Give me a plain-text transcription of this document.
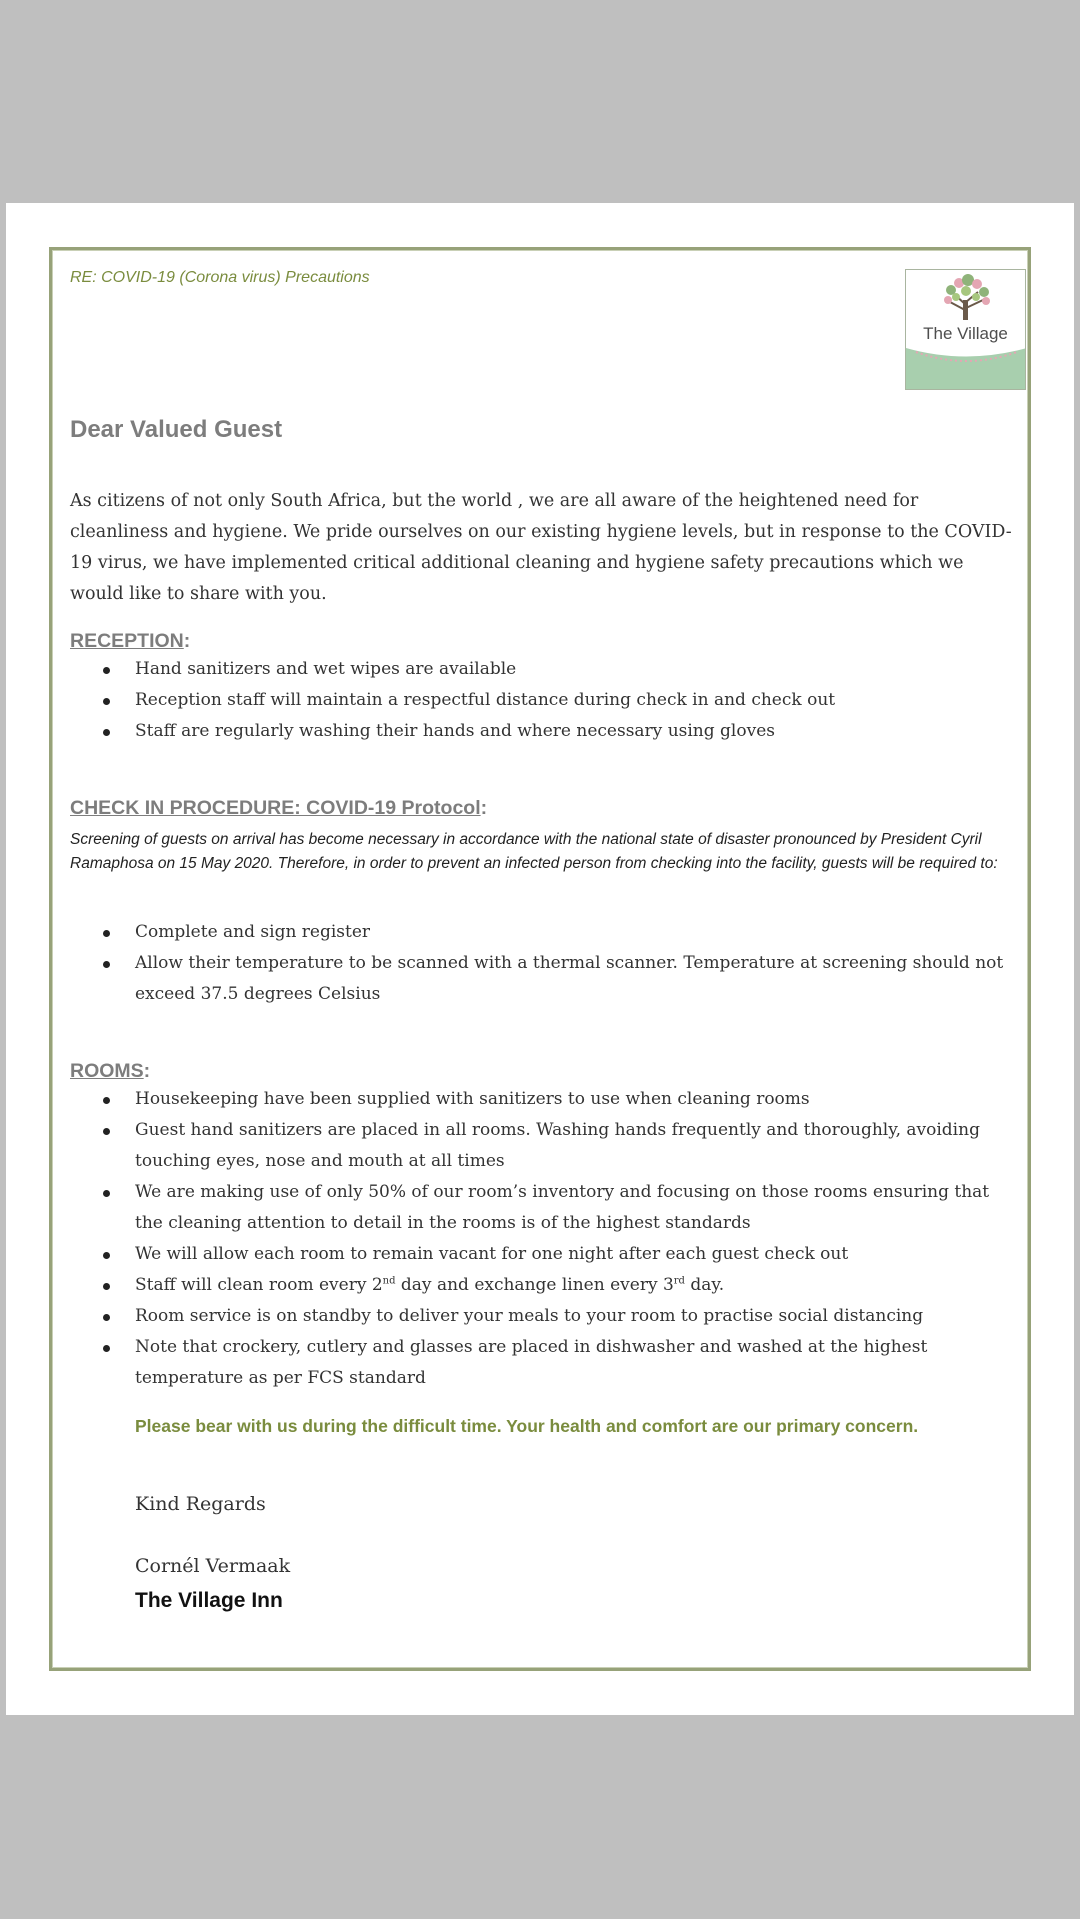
RE: COVID-19 (Corona virus) Precautions
The Village
Dear Valued Guest
As citizens of not only South Africa, but the world , we are all aware of the heightened need for cleanliness and hygiene. We pride ourselves on our existing hygiene levels, but in response to the COVID-19 virus, we have implemented critical additional cleaning and hygiene safety precautions which we would like to share with you.
RECEPTION:
Hand sanitizers and wet wipes are available
Reception staff will maintain a respectful distance during check in and check out
Staff are regularly washing their hands and where necessary using gloves
CHECK IN PROCEDURE: COVID-19 Protocol:
Screening of guests on arrival has become necessary in accordance with the national state of disaster pronounced by President Cyril Ramaphosa on 15 May 2020. Therefore, in order to prevent an infected person from checking into the facility, guests will be required to:
Complete and sign register
Allow their temperature to be scanned with a thermal scanner. Temperature at screening should not exceed 37.5 degrees Celsius
ROOMS:
Housekeeping have been supplied with sanitizers to use when cleaning rooms
Guest hand sanitizers are placed in all rooms. Washing hands frequently and thoroughly, avoiding touching eyes, nose and mouth at all times
We are making use of only 50% of our room’s inventory and focusing on those rooms ensuring that the cleaning attention to detail in the rooms is of the highest standards
We will allow each room to remain vacant for one night after each guest check out
Staff will clean room every 2nd day and exchange linen every 3rd day.
Room service is on standby to deliver your meals to your room to practise social distancing
Note that crockery, cutlery and glasses are placed in dishwasher and washed at the highest temperature as per FCS standard
Please bear with us during the difficult time. Your health and comfort are our primary concern.
Kind Regards
Cornél Vermaak
The Village Inn
